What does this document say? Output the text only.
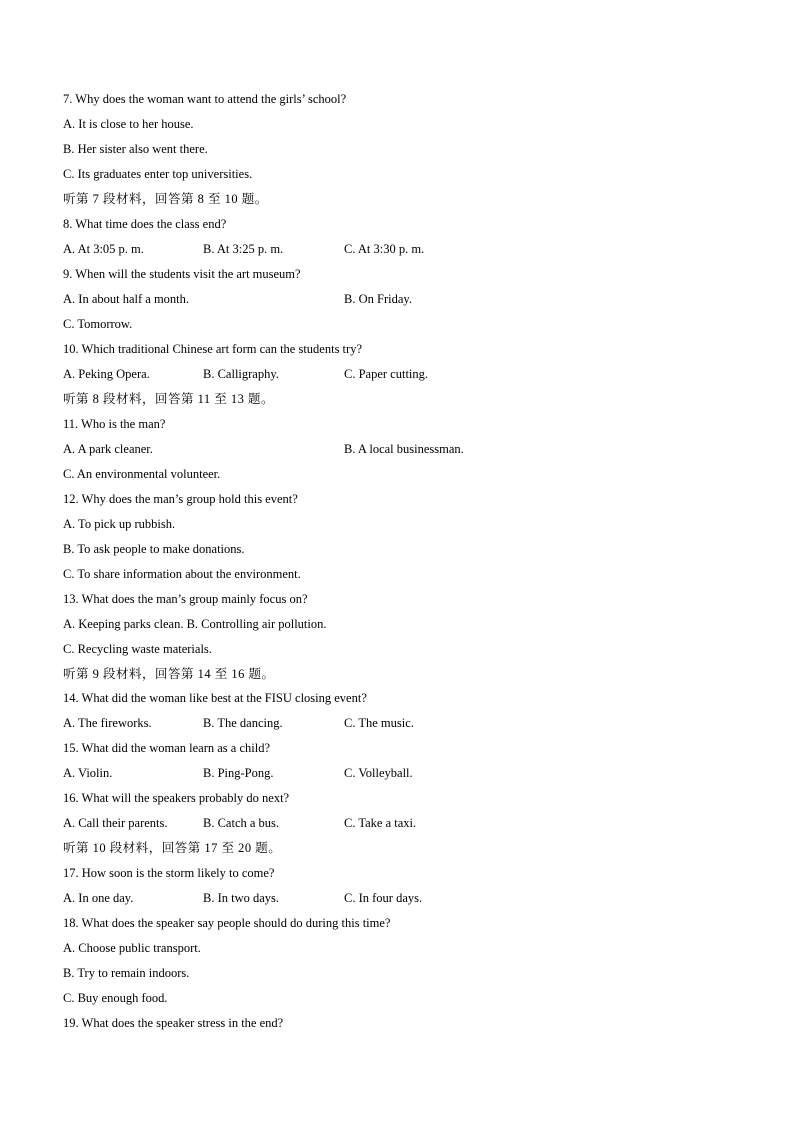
7. Why does the woman want to attend the girls’ school?
A. It is close to her house.
B. Her sister also went there.
C. Its graduates enter top universities.
听第 7 段材料，回答第 8 至 10 题。
8. What time does the class end?
A. At 3:05 p. m.	B. At 3:25 p. m.	C. At 3:30 p. m.
9. When will the students visit the art museum?
A. In about half a month.	B. On Friday.
C. Tomorrow.
10. Which traditional Chinese art form can the students try?
A. Peking Opera.	B. Calligraphy.	C. Paper cutting.
听第 8 段材料，回答第 11 至 13 题。
11. Who is the man?
A. A park cleaner.	B. A local businessman.
C. An environmental volunteer.
12. Why does the man’s group hold this event?
A. To pick up rubbish.
B. To ask people to make donations.
C. To share information about the environment.
13. What does the man’s group mainly focus on?
A. Keeping parks clean. B. Controlling air pollution.
C. Recycling waste materials.
听第 9 段材料，回答第 14 至 16 题。
14. What did the woman like best at the FISU closing event?
A. The fireworks.	B. The dancing.	C. The music.
15. What did the woman learn as a child?
A. Violin.	B. Ping-Pong.	C. Volleyball.
16. What will the speakers probably do next?
A. Call their parents.	B. Catch a bus.	C. Take a taxi.
听第 10 段材料，回答第 17 至 20 题。
17. How soon is the storm likely to come?
A. In one day.	B. In two days.	C. In four days.
18. What does the speaker say people should do during this time?
A. Choose public transport.
B. Try to remain indoors.
C. Buy enough food.
19. What does the speaker stress in the end?
